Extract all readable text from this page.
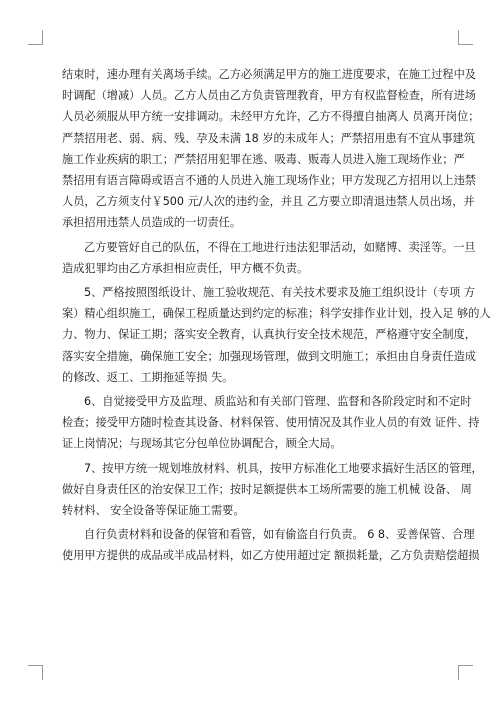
结束时，速办理有关离场手续。乙方必须满足甲方的施工进度要求，在施工过程中及
时调配（增减）人员。乙方人员由乙方负责管理教育，甲方有权监督检查，所有进场
人员必须服从甲方统一安排调动。未经甲方允许，乙方不得擅自抽离人 员离开岗位；
严禁招用老、弱、病、残、孕及未满 18 岁的未成年人；严禁招用患有不宜从事建筑
施工作业疾病的职工；严禁招用犯罪在逃、吸毒、贩毒人员进入施工现场作业；严
禁招用有语言障碍或语言不通的人员进入施工现场作业；甲方发现乙方招用以上违禁
人员，乙方须支付￥500 元/人次的违约金，并且 乙方要立即清退违禁人员出场，并
承担招用违禁人员造成的一切责任。

乙方要管好自己的队伍，不得在工地进行违法犯罪活动，如赌博、卖淫等。一旦
造成犯罪均由乙方承担相应责任，甲方概不负责。

5、严格按照图纸设计、施工验收规范、有关技术要求及施工组织设计（专项 方
案）精心组织施工，确保工程质量达到约定的标准；科学安排作业计划，投入足 够的人
力、物力、保证工期；落实安全教育，认真执行安全技术规范，严格遵守安全制度，
落实安全措施，确保施工安全；加强现场管理，做到文明施工；承担由自身责任造成
的修改、返工、工期拖延等损 失。

6、自觉接受甲方及监理、质监站和有关部门管理、监督和各阶段定时和不定时
检查；接受甲方随时检查其设备、材料保管、使用情况及其作业人员的有效 证件、持
证上岗情况；与现场其它分包单位协调配合，顾全大局。

7、按甲方统一规划堆放材料、机具，按甲方标准化工地要求搞好生活区的管理，
做好自身责任区的治安保卫工作；按时足额提供本工场所需要的施工机械 设备、 周
转材料、 安全设备等保证施工需要。

自行负责材料和设备的保管和看管，如有偷盗自行负责。 6 8、妥善保管、合理
使用甲方提供的成品或半成品材料，如乙方使用超过定 额损耗量，乙方负责赔偿超损
